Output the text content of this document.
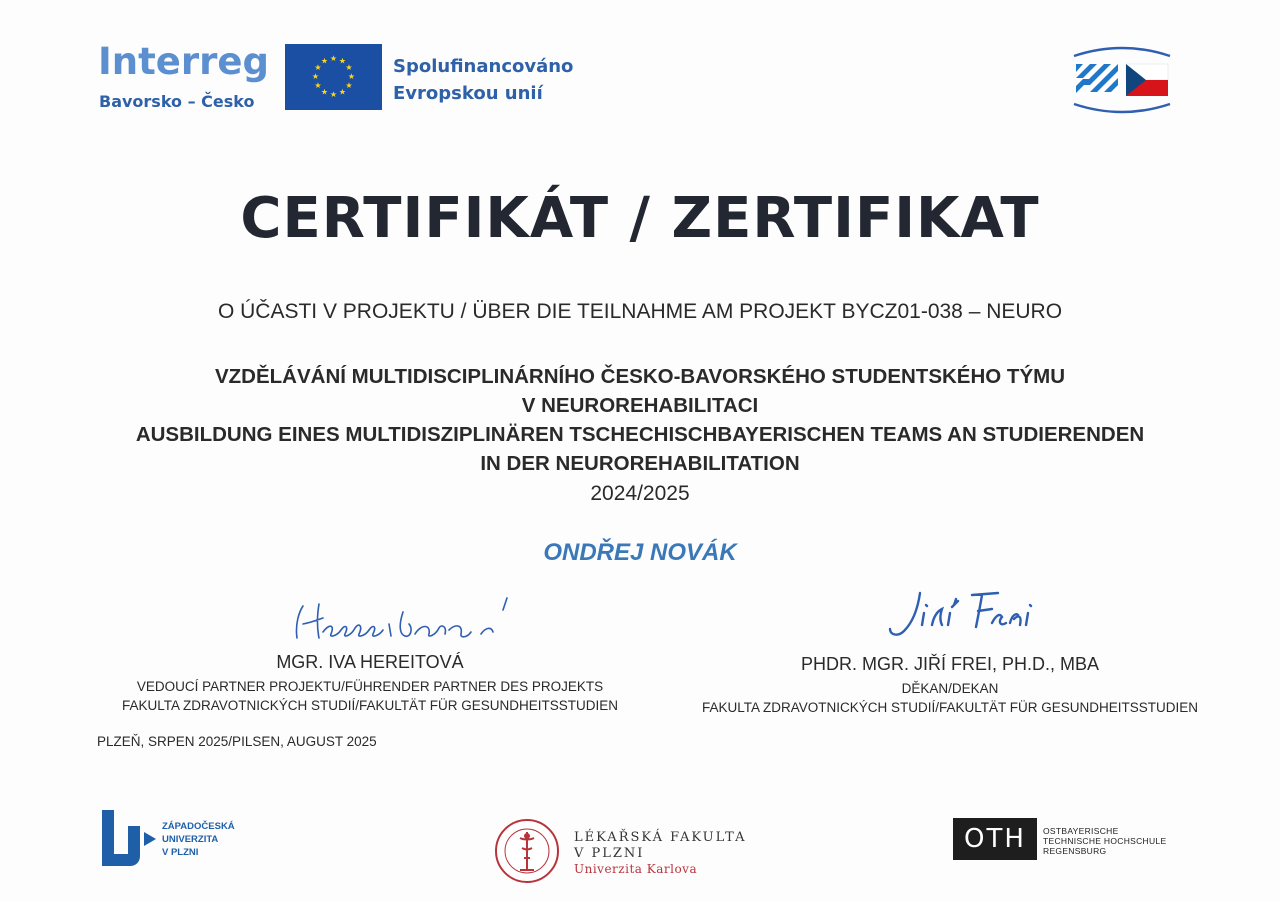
Interreg
Bavorsko – Česko
★ ★
★
★
★
★
★
★
★
★
★
★	Spolufinancováno
Evropskou unií
CERTIFIKÁT / ZERTIFIKAT
O ÚČASTI V PROJEKTU / ÜBER DIE TEILNAHME AM PROJEKT BYCZ01-038 – NEURO
VZDĚLÁVÁNÍ MULTIDISCIPLINÁRNÍHO ČESKO-BAVORSKÉHO STUDENTSKÉHO TÝMU
V NEUROREHABILITACI
AUSBILDUNG EINES MULTIDISZIPLINÄREN TSCHECHISCHBAYERISCHEN TEAMS AN STUDIERENDEN
IN DER NEUROREHABILITATION
2024/2025
ONDŘEJ NOVÁK
MGR. IVA HEREITOVÁ
VEDOUCÍ PARTNER PROJEKTU/FÜHRENDER PARTNER DES PROJEKTS
FAKULTA ZDRAVOTNICKÝCH STUDIÍ/FAKULTÄT FÜR GESUNDHEITSSTUDIEN
PHDR. MGR. JIŘÍ FREI, PH.D., MBA
DĚKAN/DEKAN
FAKULTA ZDRAVOTNICKÝCH STUDIÍ/FAKULTÄT FÜR GESUNDHEITSSTUDIEN
PLZEŇ, SRPEN 2025/PILSEN, AUGUST 2025
ZÁPADOČESKÁ
UNIVERZITA
V PLZNI
LÉKAŘSKÁ FAKULTA
V PLZNI
Univerzita Karlova
OTH	OSTBAYERISCHE
TECHNISCHE HOCHSCHULE
REGENSBURG
